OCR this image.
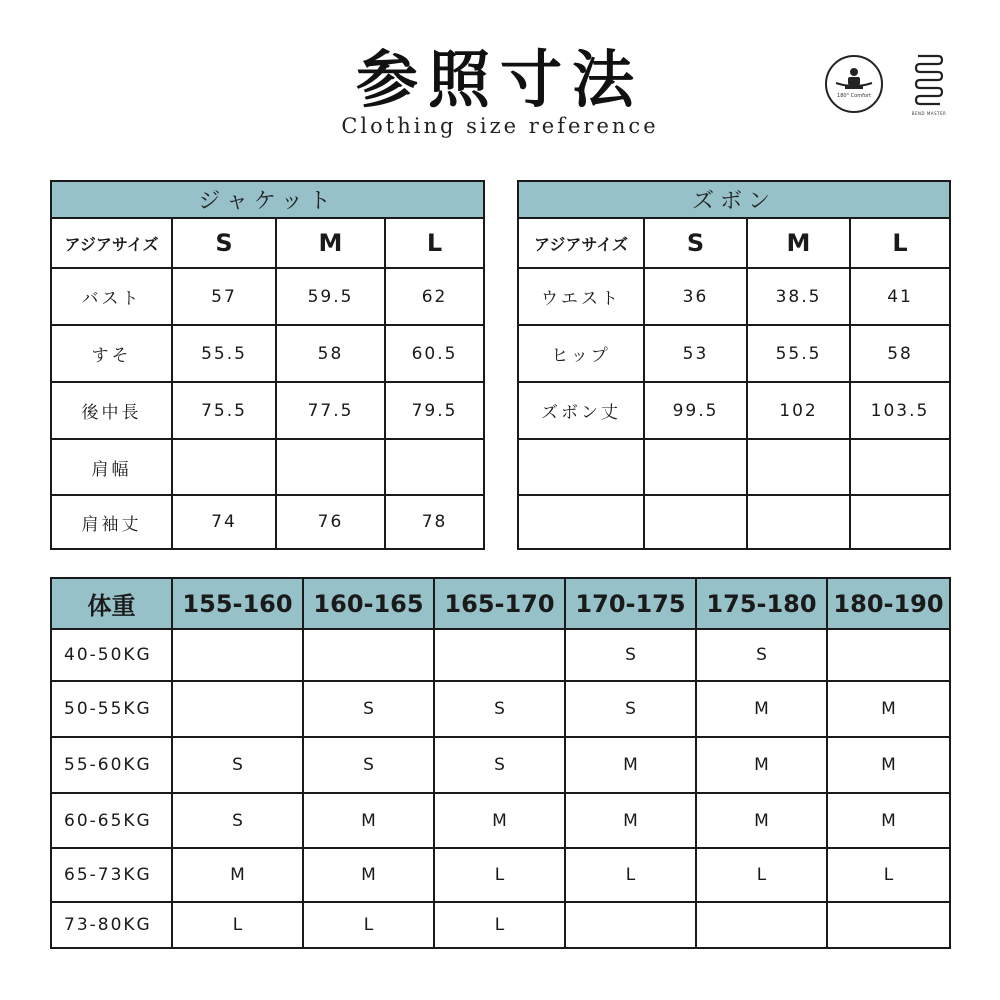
参照寸法
Clothing size reference
180° Comfort
BEND MASTER
ジャケット			
アジアサイズ	S	M	L
バスト	57	59.5	62
すそ	55.5	58	60.5
後中長	75.5	77.5	79.5
肩幅			
肩袖丈	74	76	78
ズボン			
アジアサイズ	S	M	L
ウエスト	36	38.5	41
ヒップ	53	55.5	58
ズボン丈	99.5	102	103.5

体重	155-160	160-165	165-170	170-175	175-180	180-190
40-50KG				S	S	
50-55KG		S	S	S	M	M
55-60KG	S	S	S	M	M	M
60-65KG	S	M	M	M	M	M
65-73KG	M	M	L	L	L	L
73-80KG	L	L	L			
